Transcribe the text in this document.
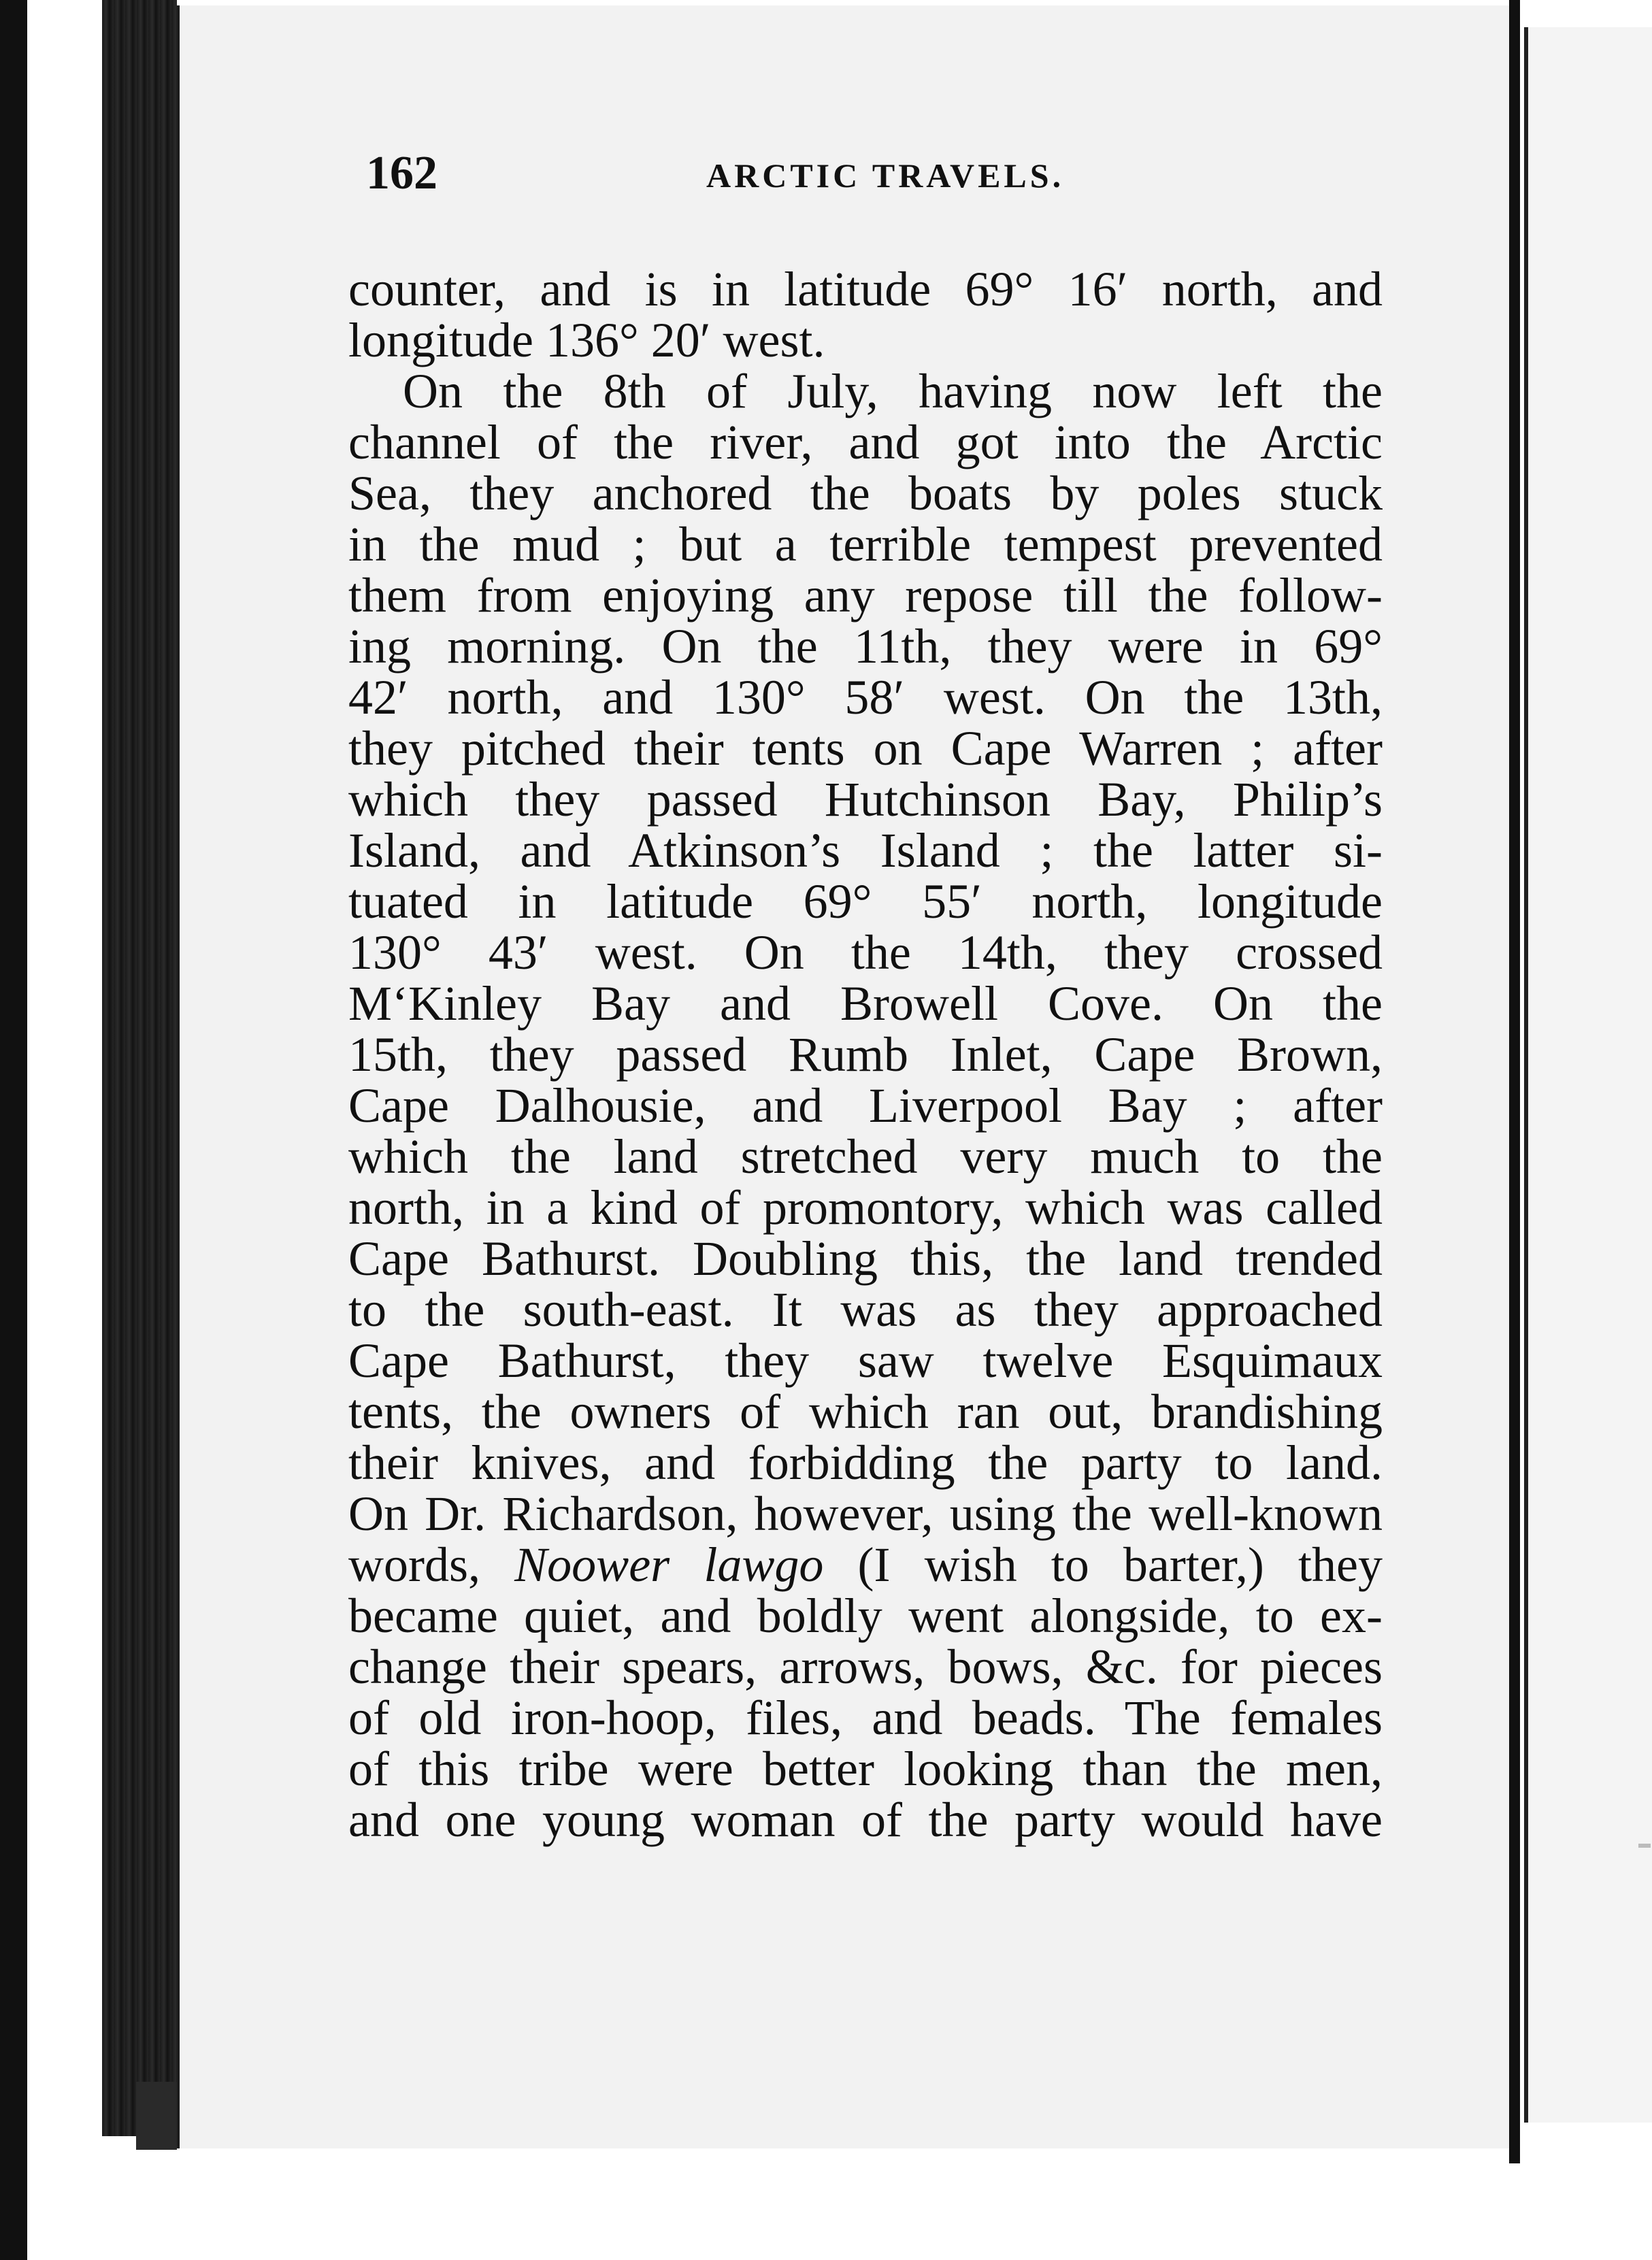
162	ARCTIC TRAVELS.
counter, and is in latitude 69° 16′ north, and
longitude 136° 20′ west.
On the 8th of July, having now left the
channel of the river, and got into the Arctic
Sea, they anchored the boats by poles stuck
in the mud ; but a terrible tempest prevented
them from enjoying any repose till the follow-
ing morning. On the 11th, they were in 69°
42′ north, and 130° 58′ west. On the 13th,
they pitched their tents on Cape Warren ; after
which they passed Hutchinson Bay, Philip’s
Island, and Atkinson’s Island ; the latter si-
tuated in latitude 69° 55′ north, longitude
130° 43′ west. On the 14th, they crossed
M‘Kinley Bay and Browell Cove. On the
15th, they passed Rumb Inlet, Cape Brown,
Cape Dalhousie, and Liverpool Bay ; after
which the land stretched very much to the
north, in a kind of promontory, which was called
Cape Bathurst. Doubling this, the land trended
to the south-east. It was as they approached
Cape Bathurst, they saw twelve Esquimaux
tents, the owners of which ran out, brandishing
their knives, and forbidding the party to land.
On Dr. Richardson, however, using the well-known
words, Noower lawgo (I wish to barter,) they
became quiet, and boldly went alongside, to ex-
change their spears, arrows, bows, &c. for pieces
of old iron-hoop, files, and beads. The females
of this tribe were better looking than the men,
and one young woman of the party would have
